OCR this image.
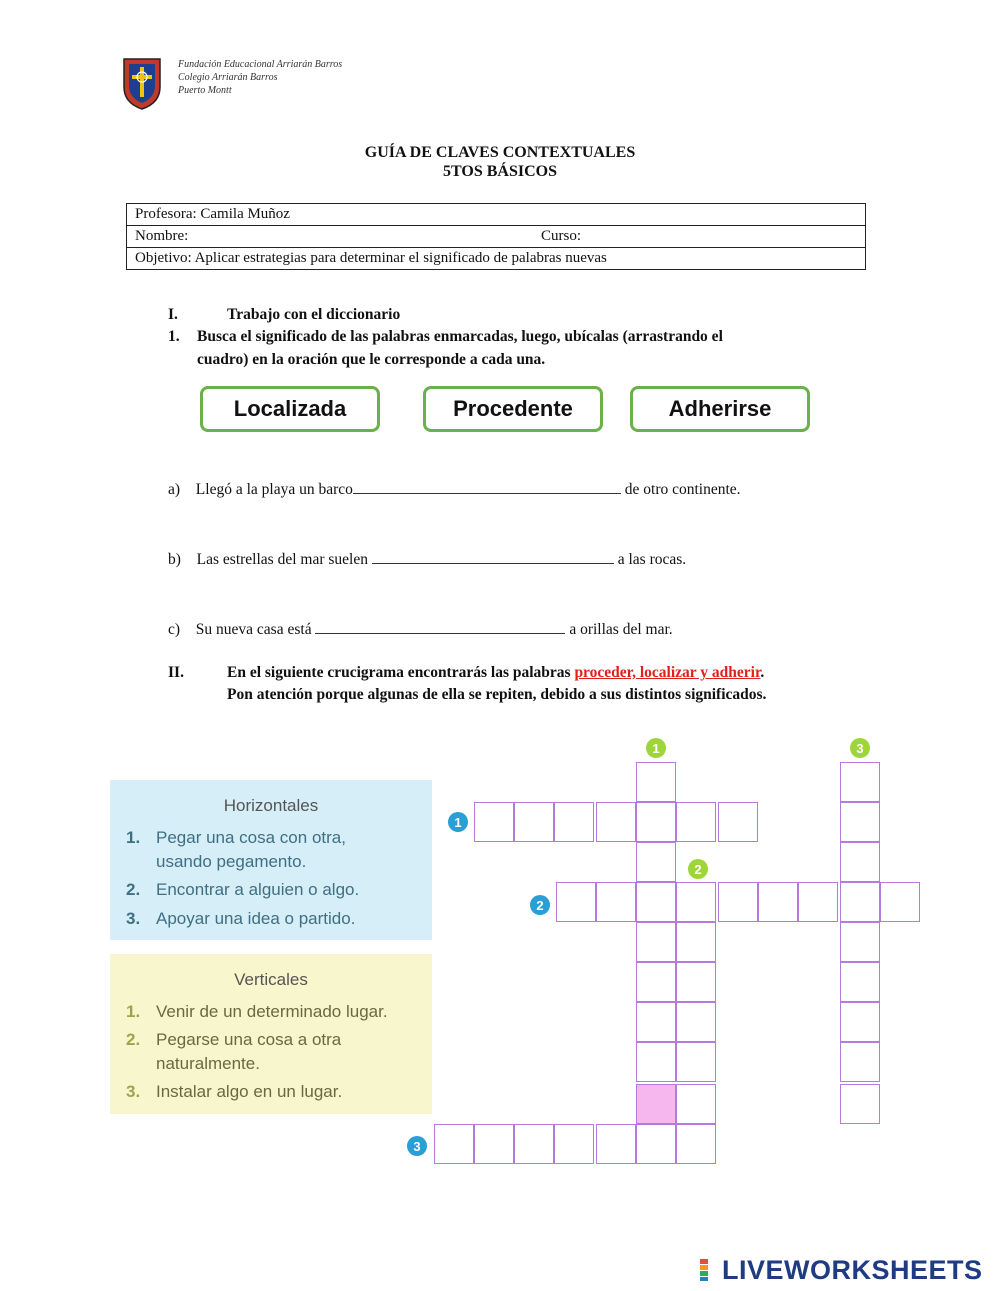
Fundación Educacional Arriarán Barros
Colegio Arriarán Barros
Puerto Montt
GUÍA DE CLAVES CONTEXTUALES
5TOS BÁSICOS
Profesora: Camila Muñoz
Nombre:	Curso:
Objetivo: Aplicar estrategias para determinar el significado de palabras nuevas
I.	Trabajo con el diccionario
1. Busca el significado de las palabras enmarcadas, luego, ubícalas (arrastrando el
cuadro) en la oración que le corresponde a cada una.
Localizada	Procedente	Adherirse
a) Llegó a la playa un barco	de otro continente.
b) Las estrellas del mar suelen	a las rocas.
c) Su nueva casa está	a orillas del mar.
II.	En el siguiente crucigrama encontrarás las palabras proceder, localizar y adherir.
Pon atención porque algunas de ella se repiten, debido a sus distintos significados.
Horizontales
1. Pegar una cosa con otra,
usando pegamento.
2. Encontrar a alguien o algo.
3. Apoyar una idea o partido.
Verticales
1. Venir de un determinado lugar.
2. Pegarse una cosa a otra
naturalmente.
3. Instalar algo en un lugar.
1
2
3
1
2
3
LIVEWORKSHEETS
